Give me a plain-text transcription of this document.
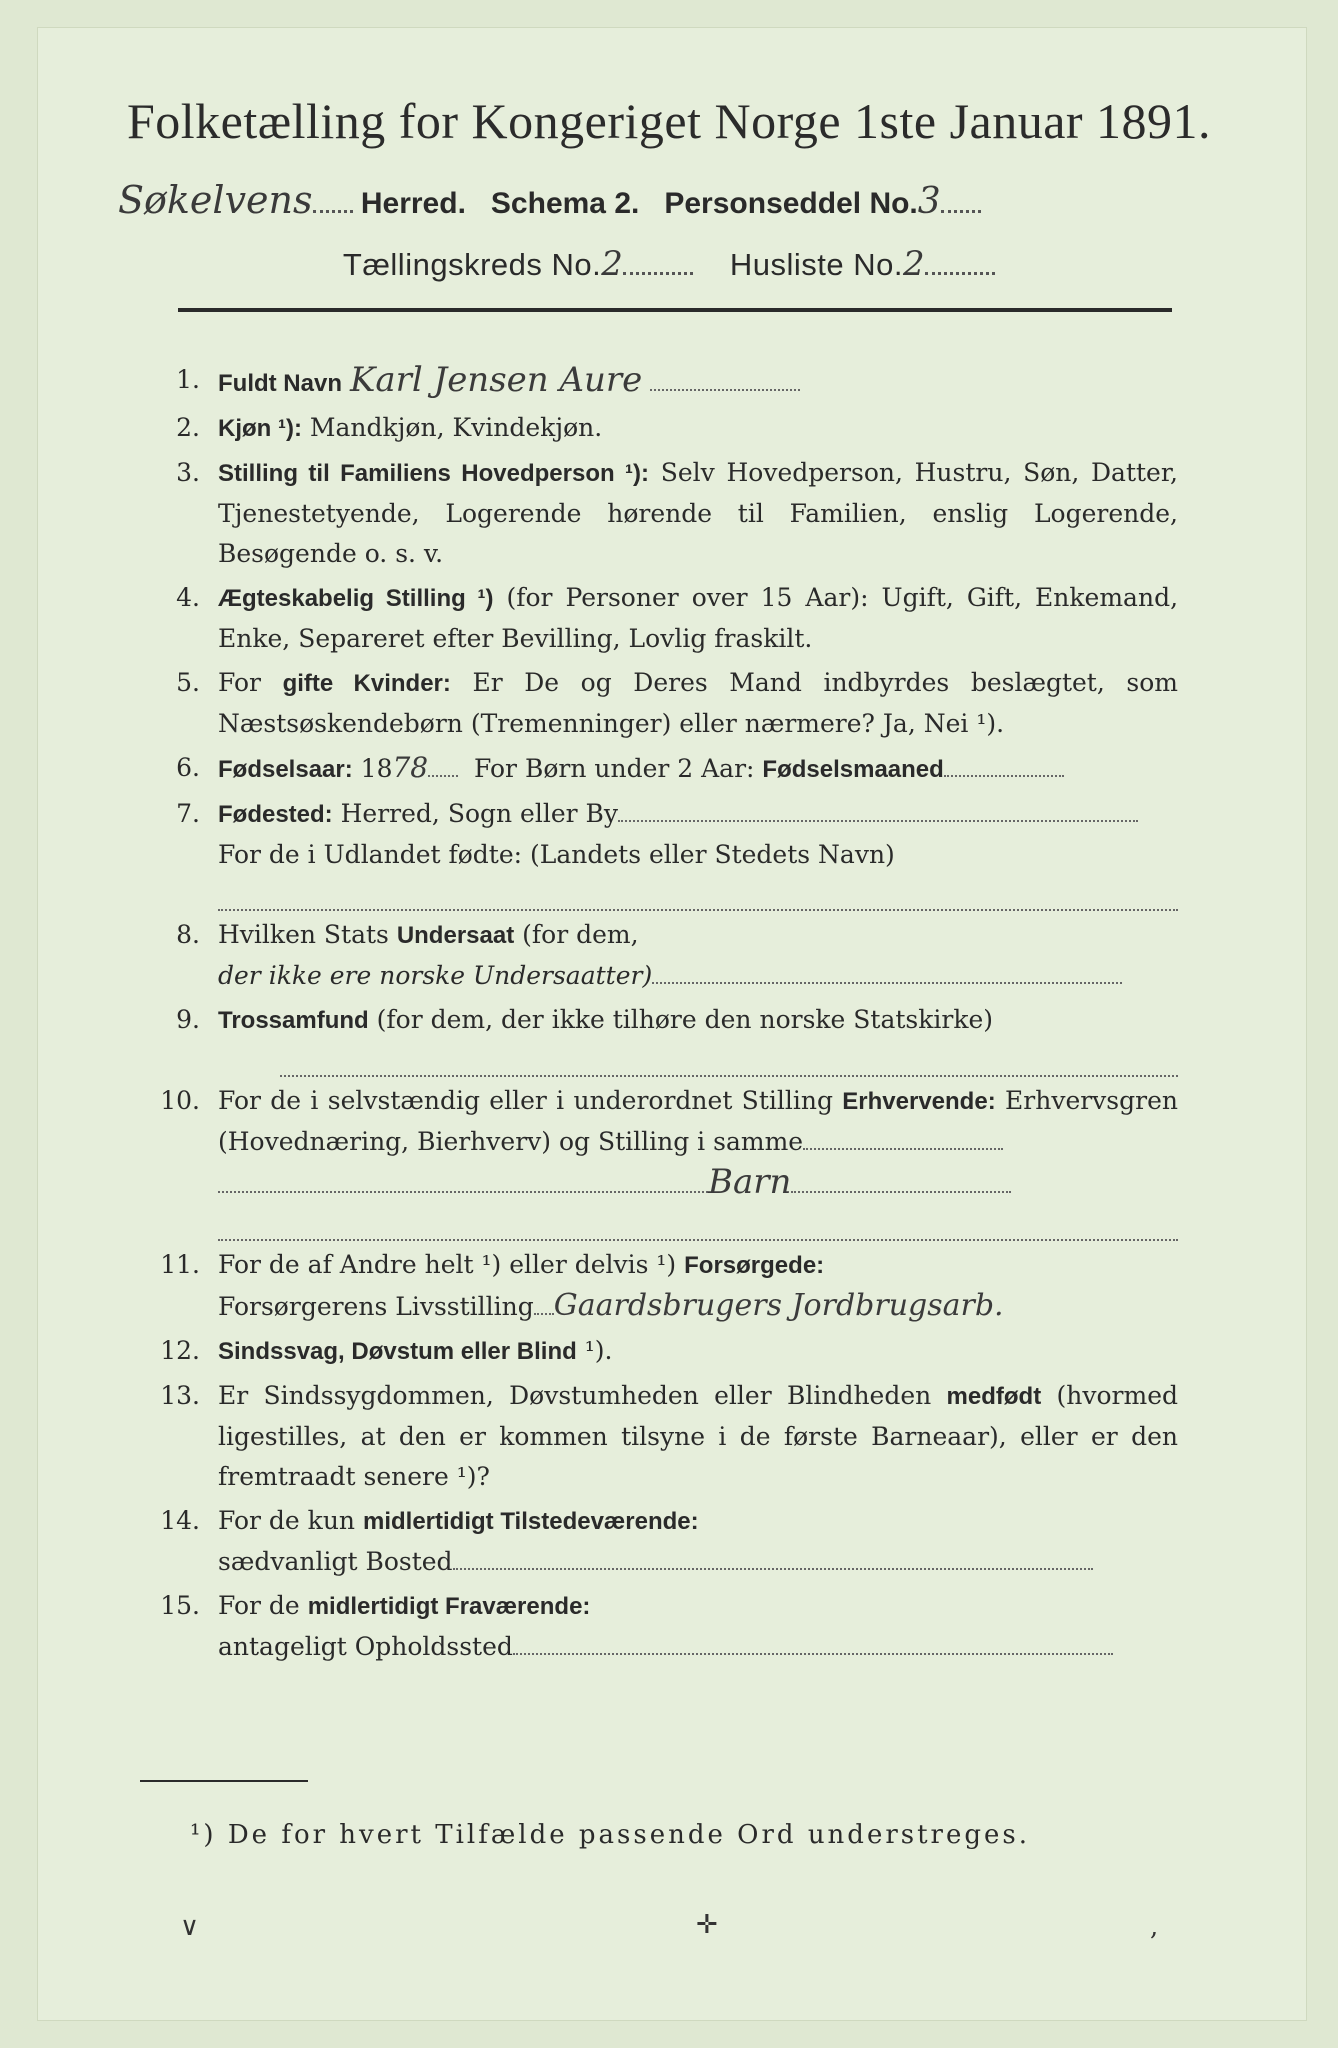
Folketælling for Kongeriget Norge 1ste Januar 1891.
Søkelvens Herred. Schema 2. Personseddel No.3
Tællingskreds No.2	Husliste No.2
1. Fuldt Navn Karl Jensen Aure
2. Kjøn ¹): Mandkjøn, Kvindekjøn.
3. Stilling til Familiens Hovedperson ¹): Selv Hovedperson, Hustru, Søn, Datter, Tjenestetyende, Logerende hørende til Familien, enslig Logerende, Besøgende o. s. v.
4. Ægteskabelig Stilling ¹) (for Personer over 15 Aar): Ugift, Gift, Enkemand, Enke, Separeret efter Bevilling, Lovlig fraskilt.
5. For gifte Kvinder: Er De og Deres Mand indbyrdes beslægtet, som Næstsøskendebørn (Tremenninger) eller nærmere? Ja, Nei ¹).
6. Fødselsaar: 1878 For Børn under 2 Aar: Fødselsmaaned
7. Fødested: Herred, Sogn eller By
For de i Udlandet fødte: (Landets eller Stedets Navn)
8. Hvilken Stats Undersaat (for dem,
der ikke ere norske Undersaatter)
9. Trossamfund (for dem, der ikke tilhøre den norske Statskirke)
10. For de i selvstændig eller i underordnet Stilling Erhvervende: Erhvervsgren (Hovednæring, Bierhverv) og Stilling i samme
Barn
11. For de af Andre helt ¹) eller delvis ¹) Forsørgede:
Forsørgerens Livsstilling Gaardsbrugers Jordbrugsarb.
12. Sindssvag, Døvstum eller Blind ¹).
13. Er Sindssygdommen, Døvstumheden eller Blindheden medfødt (hvormed ligestilles, at den er kommen tilsyne i de første Barneaar), eller er den fremtraadt senere ¹)?
14. For de kun midlertidigt Tilstedeværende:
sædvanligt Bosted
15. For de midlertidigt Fraværende:
antageligt Opholdssted
¹) De for hvert Tilfælde passende Ord understreges.
∨	✛	,
